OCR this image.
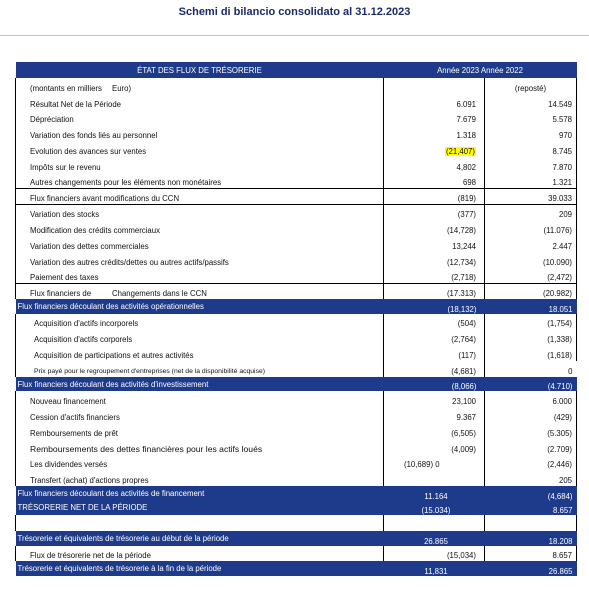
Schemi di bilancio consolidato al 31.12.2023
ÉTAT DES FLUX DE TRÉSORERIE	Année 2023 Année 2022	
(montants en milliers Euro)		(reposté)
Résultat Net de la Période	6.091	14.549
Dépréciation	7.679	5.578
Variation des fonds liés au personnel	1.318	970
Evolution des avances sur ventes	(21,407)	8.745
Impôts sur le revenu	4,802	7.870
Autres changements pour les éléments non monétaires	698	1.321
Flux financiers avant modifications du CCN	(819)	39.033
Variation des stocks	(377)	209
Modification des crédits commerciaux	(14,728)	(11.076)
Variation des dettes commerciales	13,244	2.447
Variation des autres crédits/dettes ou autres actifs/passifs	(12,734)	(10.090)
Paiement des taxes	(2,718)	(2,472)
Flux financiers de Changements dans le CCN	(17.313)	(20.982)
Flux financiers découlant des activités opérationnelles	(18,132)	18.051
Acquisition d'actifs incorporels	(504)	(1,754)
Acquisition d'actifs corporels	(2,764)	(1,338)
Acquisition de participations et autres activités	(117)	(1,618)
Prix payé pour le regroupement d'entreprises (net de la disponibilité acquise)	(4,681)	0
Flux financiers découlant des activités d'investissement	(8,066)	(4.710)
Nouveau financement	23,100	6.000
Cession d'actifs financiers	9.367	(429)
Remboursements de prêt	(6,505)	(5.305)
Remboursements des dettes financières pour les actifs loués	(4,009)	(2.709)
Les dividendes versés	(10,689) 0	(2,446)
Transfert (achat) d'actions propres		205
Flux financiers découlant des activités de financement	11.164	(4,684)
TRÉSORERIE NET DE LA PÉRIODE	(15.034)	8.657

Trésorerie et équivalents de trésorerie au début de la période	26.865	18.208
Flux de trésorerie net de la période	(15,034)	8.657
Trésorerie et équivalents de trésorerie à la fin de la période	11,831	26.865
